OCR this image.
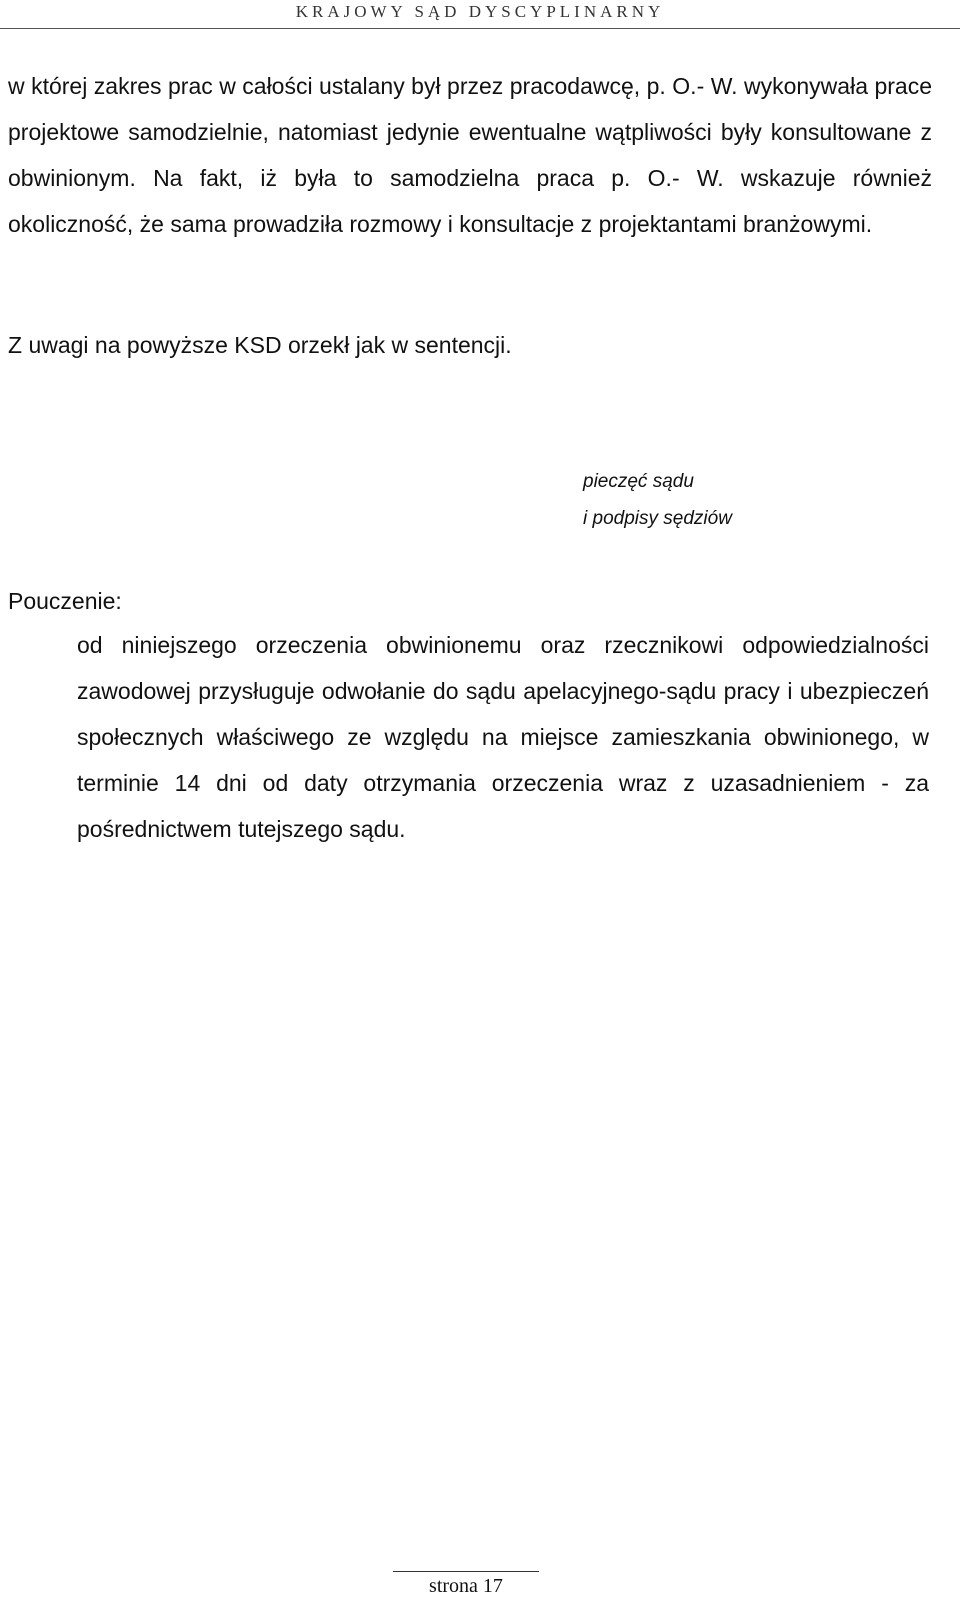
KRAJOWY SĄD DYSCYPLINARNY

w której zakres prac w całości ustalany był przez pracodawcę, p. O.- W. wykonywała prace projektowe samodzielnie, natomiast jedynie ewentualne wątpliwości były konsultowane z obwinionym. Na fakt, iż była to samodzielna praca p. O.- W. wskazuje również okoliczność, że sama prowadziła rozmowy i konsultacje z projektantami branżowymi.

Z uwagi na powyższe KSD orzekł jak w sentencji.

pieczęć sądu
i podpisy sędziów

Pouczenie:

od niniejszego orzeczenia obwinionemu oraz rzecznikowi odpowiedzialności zawodowej przysługuje odwołanie do sądu apelacyjnego-sądu pracy i ubezpieczeń społecznych właściwego ze względu na miejsce zamieszkania obwinionego, w terminie 14 dni od daty otrzymania orzeczenia wraz z uzasadnieniem - za pośrednictwem tutejszego sądu.

strona 17
